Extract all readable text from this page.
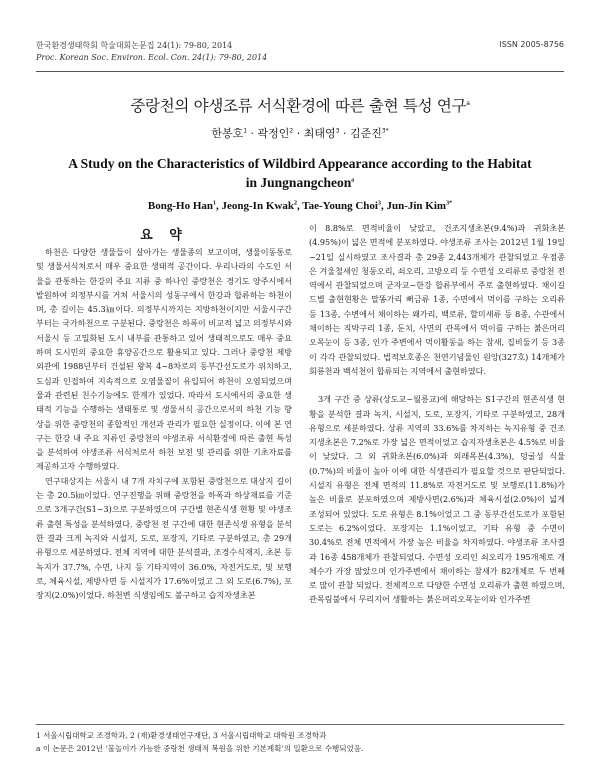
한국환경생태학회 학술대회논문집 24(1): 79-80, 2014
Proc. Korean Soc. Environ. Ecol. Con. 24(1): 79-80, 2014
ISSN 2005-8756
중랑천의 야생조류 서식환경에 따른 출현 특성 연구$^a$
한봉호$^1$ · 곽정인$^2$ · 최태영$^3$ · 김준진$^{3*}$
A Study on the Characteristics of Wildbird Appearance according to the Habitat
in Jungnangcheon$^a$
Bong-Ho Han$^1$, Jeong-In Kwak$^2$, Tae-Young Choi$^3$, Jun-Jin Kim$^{3*}$
요 약

하천은 다양한 생물들이 살아가는 생물종의 보고이며, 생물이동통로 및 생물서식처로서 매우 중요한 생태적 공간이다. 우리나라의 수도인 서울을 관통하는 한강의 주요 지류 중 하나인 중랑천은 경기도 양주시에서 발원하여 의정부시를 거쳐 서울시의 성동구에서 한강과 합류하는 하천이며, 총 길이는 45.3㎞이다. 의정부시까지는 지방하천이지만 서울시구간 부터는 국가하천으로 구분된다. 중랑천은 하폭이 비교적 넓고 의정부시와 서울시 등 고밀화된 도시 내부를 관통하고 있어 생태적으로도 매우 중요하며 도시민의 중요한 휴양공간으로 활용되고 있다. 그러나 중랑천 제방외관에 1988년부터 건설된 왕복 4~8차로의 동부간선도로가 위치하고, 도심과 인접하여 지속적으로 오염물질이 유입되어 하천이 오염되었으며 물과 관련된 친수기능에도 한계가 있었다. 따라서 도시에서의 중요한 생태적 기능을 수행하는 생태통로 및 생물서식 공간으로서의 하천 기능 향상을 위한 중랑천의 종합적인 개선과 관리가 필요한 실정이다. 이에 본 연구는 한강 내 주요 지류인 중랑천의 야생조류 서식환경에 따른 출현 특성을 분석하여 야생조류 서식처로서 하천 보전 및 관리를 위한 기초자료를 제공하고자 수행하였다.

연구대상지는 서울시 내 7개 자치구에 포함된 중랑천으로 대상지 길이는 총 20.5㎞이었다. 연구진행을 위해 중랑천을 하폭과 하상재료를 기준으로 3개구간(S1~3)으로 구분하였으며 구간별 현존식생 현황 및 야생조류 출현 특성을 분석하였다. 중랑천 전 구간에 대한 현존식생 유형을 분석한 결과 크게 녹지와 시설지, 도로, 포장지, 기타로 구분하였고, 총 29개 유형으로 세분하였다. 전체 지역에 대한 분석결과, 조경수식재지, 초본 등 녹지가 37.7%, 수면, 나지 등 기타지역이 36.0%, 자전거도로, 및 보행로, 체육시설, 제방사면 등 시설지가 17.6%이었고 그 외 도로(6.7%), 포장지(2.0%)이었다. 하천변 식생임에도 불구하고 습지자생초본

이 8.8%로 면적비율이 낮았고, 건조지생초본(9.4%)과 귀화초본(4.95%)이 넓은 면적에 분포하였다. 야생조류 조사는 2012년 1월 19일~21일 실시하였고 조사결과 총 29종 2,443개체가 관찰되었고 우점종은 겨울철새인 청둥오리, 쇠오리, 고방오리 등 수면성 오리류로 중랑천 전역에서 관찰되었으며 군자교~한강 합류부에서 주로 출현하였다. 채이길드별 출현현황은 말똥가리 뻐금류 1종, 수면에서 먹이를 구하는 오리류 등 13종, 수변에서 채이하는 왜가리, 백로류, 할미새류 등 8종, 수관에서 채이하는 직박구리 1종, 둔치, 사면의 관목에서 먹이를 구하는 붉은머리오목눈이 등 3종, 인가 주변에서 먹이활동을 하는 참새, 집비둘기 등 3종이 각각 관찰되었다. 법적보호종은 천연기념물인 원앙(327호) 14개체가 회룡천과 백석천이 합류되는 지역에서 출현하였다.

3개 구간 중 상류(상도교~월릉교)에 해당하는 S1구간의 현존식생 현황을 분석한 결과 녹지, 시설지, 도로, 포장지, 기타로 구분하였고, 28개 유형으로 세분하였다. 상류 지역의 33.6%를 차지하는 녹지유형 중 건조지생초본은 7.2%로 가장 넓은 면적이었고 습지자생초본은 4.5%로 비율이 낮았다. 그 외 귀화초본(6.0%)과 외래목본(4.3%), 덩굴성 식물(0.7%)의 비율이 높아 이에 대한 식생관리가 필요할 것으로 판단되었다. 시설지 유형은 전체 면적의 11.8%로 자전거도로 및 보행로(11.8%)가 높은 비율로 분포하였으며 제방사면(2.6%)과 체육시설(2.0%)이 넓게 조성되어 있었다. 도로 유형은 8.1%이었고 그 중 동부간선도로가 포함된 도로는 6.2%이었다. 포장지는 1.1%이었고, 기타 유형 중 수면이 30.4%로 전체 면적에서 가장 높은 비율을 차지하였다. 야생조류 조사결과 16종 458개체가 관찰되었다. 수면성 오리인 쇠오리가 195개체로 개체수가 가장 많았으며 인가주변에서 채이하는 참새가 82개체로 두 번째로 많이 관찰 되었다. 전체적으로 다양한 수면성 오리류가 출현 하였으며, 관목림불에서 무리지어 생활하는 붉은머리오목눈이와 인가주변

1 서울시립대학교 조경학과, 2 (재)환경생태연구재단, 3 서울시립대학교 대학원 조경학과
a 이 논문은 2012년 ‘물놀이가 가능한 중랑천 생태적 복원을 위한 기본계획’의 일환으로 수행되었음.
